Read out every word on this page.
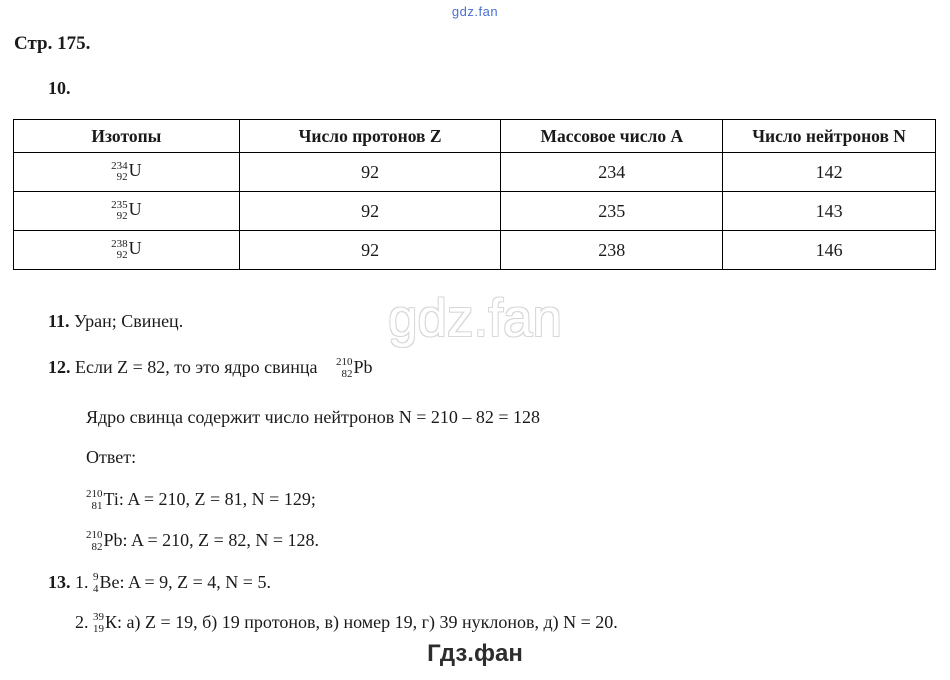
gdz.fan
Стр. 175.
10.
Изотопы	Число протонов Z	Массовое число A	Число нейтронов N

234
92 U	92	234	142

235
92 U	92	235	143

238
92 U	92	238	146
11. Уран; Свинец.
12. Если Z = 82, то это ядро свинца 210
82 Pb
Ядро свинца содержит число нейтронов N = 210 – 82 = 128
Ответ:
210
81 Ti: A = 210, Z = 81, N = 129;
210
82 Pb: A = 210, Z = 82, N = 128.
13. 1. 9
4 Ве: A = 9, Z = 4, N = 5.
2. 39
19 К: а) Z = 19, б) 19 протонов, в) номер 19, г) 39 нуклонов, д) N = 20.
gdz.fan
Гдз.фан
